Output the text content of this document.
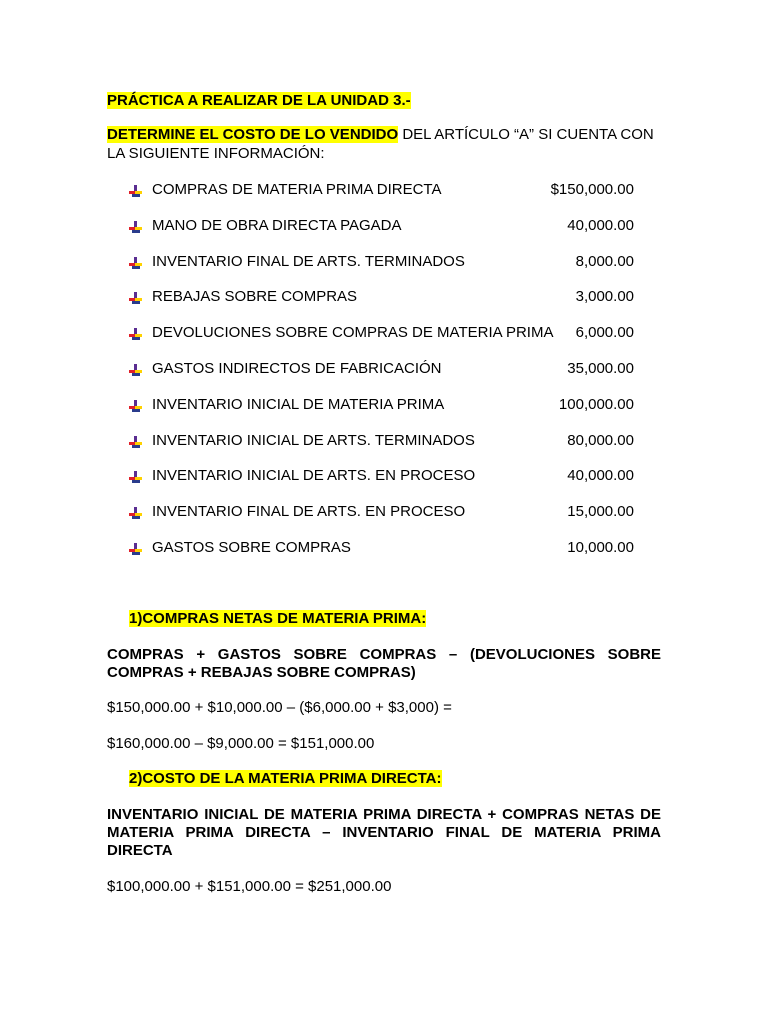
PRÁCTICA A REALIZAR DE LA UNIDAD 3.-
DETERMINE EL COSTO DE LO VENDIDO DEL ARTÍCULO “A” SI CUENTA CON
LA SIGUIENTE INFORMACIÓN:
COMPRAS DE MATERIA PRIMA DIRECTA	$150,000.00
MANO DE OBRA DIRECTA PAGADA	40,000.00
INVENTARIO FINAL DE ARTS. TERMINADOS	8,000.00
REBAJAS SOBRE COMPRAS	3,000.00
DEVOLUCIONES SOBRE COMPRAS DE MATERIA PRIMA 6,000.00
GASTOS INDIRECTOS DE FABRICACIÓN	35,000.00
INVENTARIO INICIAL DE MATERIA PRIMA	100,000.00
INVENTARIO INICIAL DE ARTS. TERMINADOS	80,000.00
INVENTARIO INICIAL DE ARTS. EN PROCESO	40,000.00
INVENTARIO FINAL DE ARTS. EN PROCESO	15,000.00
GASTOS SOBRE COMPRAS	10,000.00
1)COMPRAS NETAS DE MATERIA PRIMA:
COMPRAS + GASTOS SOBRE COMPRAS – (DEVOLUCIONES SOBRE
COMPRAS + REBAJAS SOBRE COMPRAS)
$150,000.00 + $10,000.00 – ($6,000.00 + $3,000) =
$160,000.00 – $9,000.00 = $151,000.00
2)COSTO DE LA MATERIA PRIMA DIRECTA:
INVENTARIO INICIAL DE MATERIA PRIMA DIRECTA + COMPRAS NETAS DE
MATERIA PRIMA DIRECTA – INVENTARIO FINAL DE MATERIA PRIMA
DIRECTA
$100,000.00 + $151,000.00 = $251,000.00
